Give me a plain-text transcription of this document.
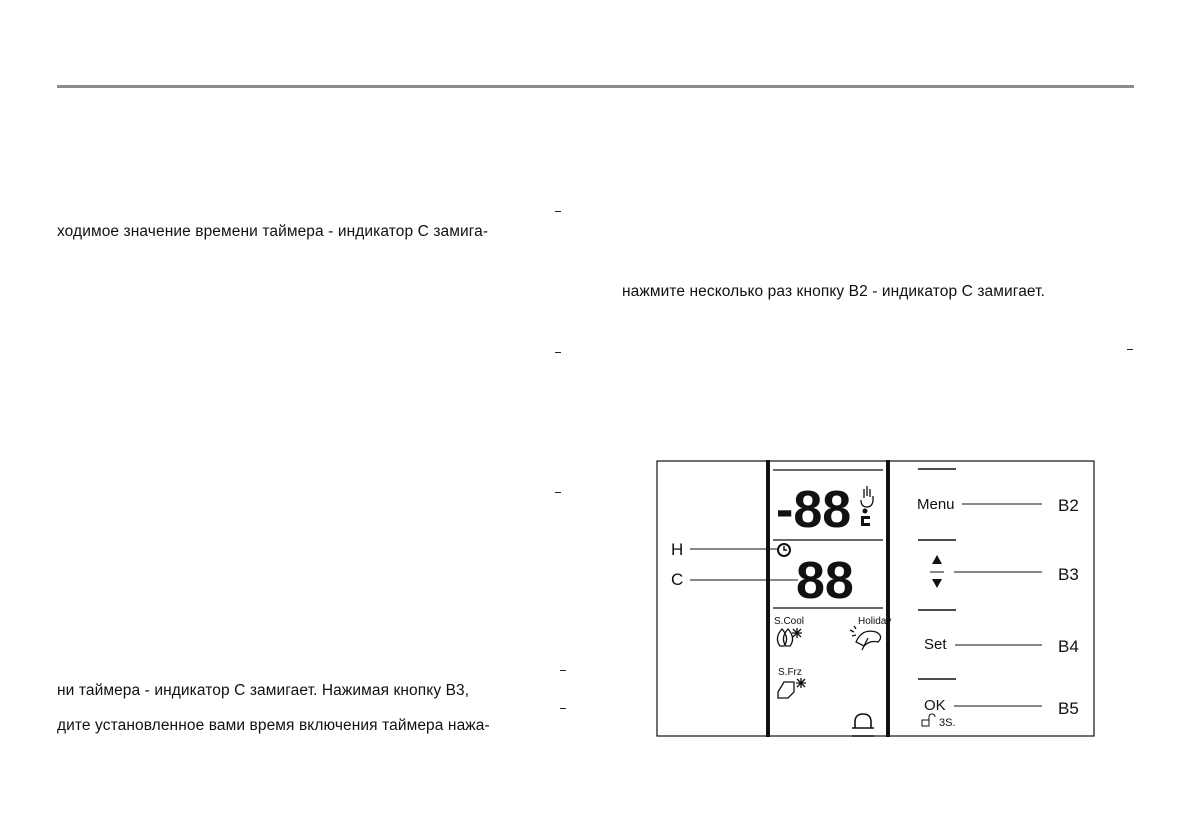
ходимое значение времени таймера - индикатор С замига-
ни таймера - индикатор С замигает. Нажимая кнопку В3,
дите установленное вами время включения таймера нажа-
нажмите несколько раз кнопку В2 - индикатор С замигает.
-88
88
H
C
S.Cool	Holiday
S.Frz
Menu	B2
B3
Set	B4
OK
3S.
B5
